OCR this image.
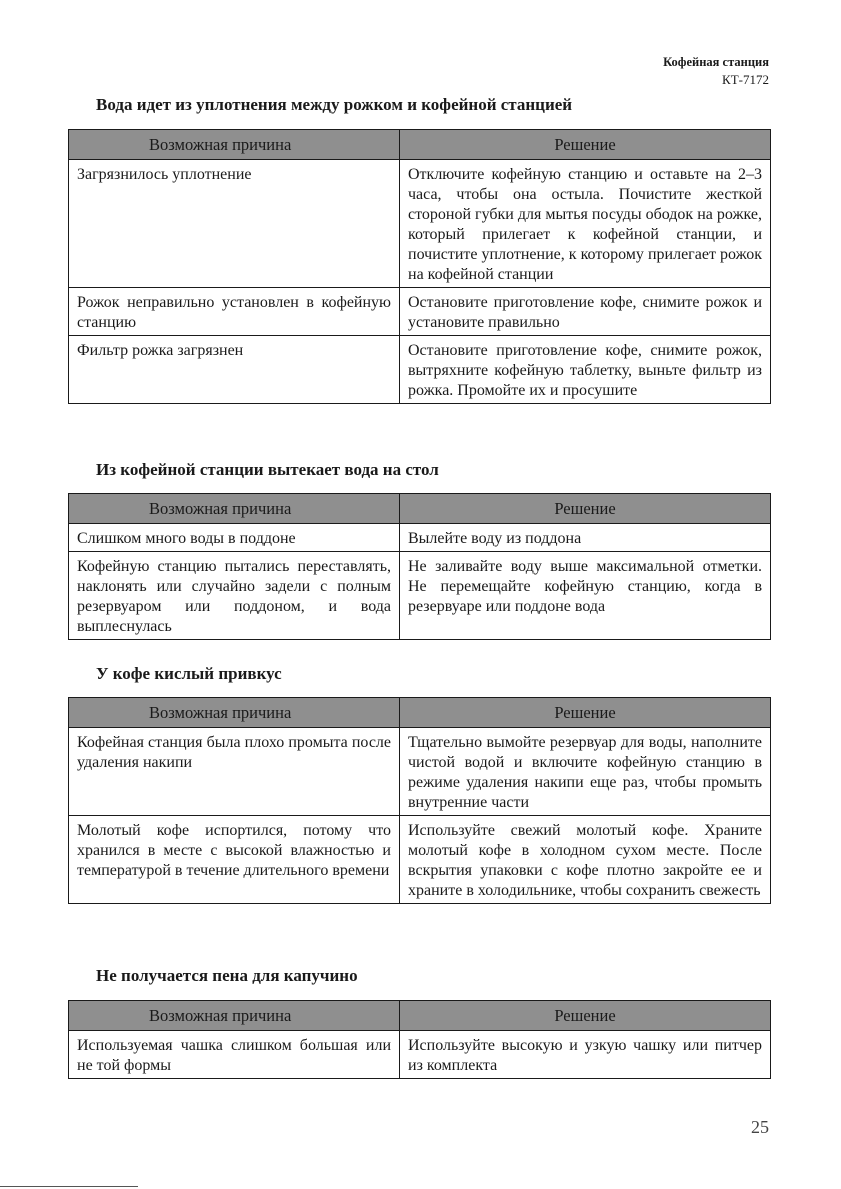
Кофейная станция
КТ-7172
Вода идет из уплотнения между рожком и кофейной станцией
Возможная причина	Решение
Загрязнилось уплотнение	Отключите кофейную станцию и оставьте на 2–3 часа, чтобы она остыла. Почистите жесткой стороной губки для мытья посуды ободок на рожке, который прилегает к кофейной станции, и почистите уплотнение, к которому прилегает рожок на кофейной станции
Рожок неправильно установлен в кофейную станцию	Остановите приготовление кофе, снимите рожок и установите правильно
Фильтр рожка загрязнен	Остановите приготовление кофе, снимите рожок, вытряхните кофейную таблетку, выньте фильтр из рожка. Промойте их и просушите
Из кофейной станции вытекает вода на стол
Возможная причина	Решение
Слишком много воды в поддоне	Вылейте воду из поддона
Кофейную станцию пытались переставлять, наклонять или случайно задели с полным резервуаром или поддоном, и вода выплеснулась	Не заливайте воду выше максимальной отметки. Не перемещайте кофейную станцию, когда в резервуаре или поддоне вода
У кофе кислый привкус
Возможная причина	Решение
Кофейная станция была плохо промыта после удаления накипи	Тщательно вымойте резервуар для воды, наполните чистой водой и включите кофейную станцию в режиме удаления накипи еще раз, чтобы промыть внутренние части
Молотый кофе испортился, потому что хранился в месте с высокой влажностью и температурой в течение длительного времени	Используйте свежий молотый кофе. Храните молотый кофе в холодном сухом месте. После вскрытия упаковки с кофе плотно закройте ее и храните в холодильнике, чтобы сохранить свежесть
Не получается пена для капучино
Возможная причина	Решение
Используемая чашка слишком большая или не той формы	Используйте высокую и узкую чашку или питчер из комплекта
25
